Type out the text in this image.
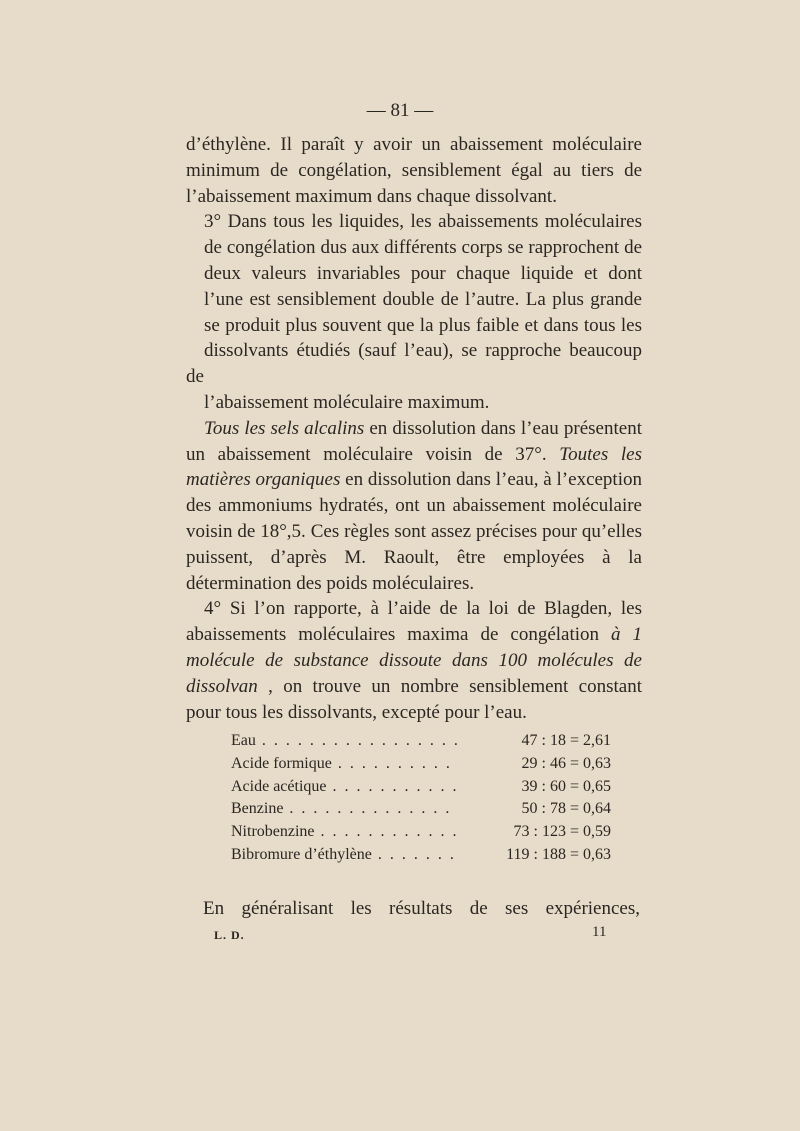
— 81 —

d’éthylène. Il paraît y avoir un abaissement moléculaire
minimum de congélation, sensiblement égal au tiers de
l’abaissement maximum dans chaque dissolvant.

3° Dans tous les liquides, les abaissements moléculaires
de congélation dus aux différents corps se rapprochent de
deux valeurs invariables pour chaque liquide et dont
l’une est sensiblement double de l’autre. La plus grande
se produit plus souvent que la plus faible et dans tous les
dissolvants étudiés (sauf l’eau), se rapproche beaucoup de
l’abaissement moléculaire maximum.

Tous les sels alcalins en dissolution dans l’eau présentent un abaissement moléculaire voisin de 37°. Toutes les matières organiques en dissolution dans l’eau, à l’exception des ammoniums hydratés, ont un abaissement moléculaire voisin de 18°,5. Ces règles sont assez précises pour qu’elles puissent, d’après M. Raoult, être employées à la détermination des poids moléculaires.

4° Si l’on rapporte, à l’aide de la loi de Blagden, les abaissements moléculaires maxima de congélation à 1 molécule de substance dissoute dans 100 molécules de dissolvan , on trouve un nombre sensiblement constant pour tous les dissolvants, excepté pour l’eau.

Eau . . .	47 : 18 = 2,61
Acide formique . . .	29 : 46 = 0,63
Acide acétique . . .	39 : 60 = 0,65
Benzine . . .	50 : 78 = 0,64
Nitrobenzine . . .	73 : 123 = 0,59
Bibromure d’éthylène . . .	119 : 188 = 0,63
En généralisant les résultats de ses expériences,
L. D.	11
